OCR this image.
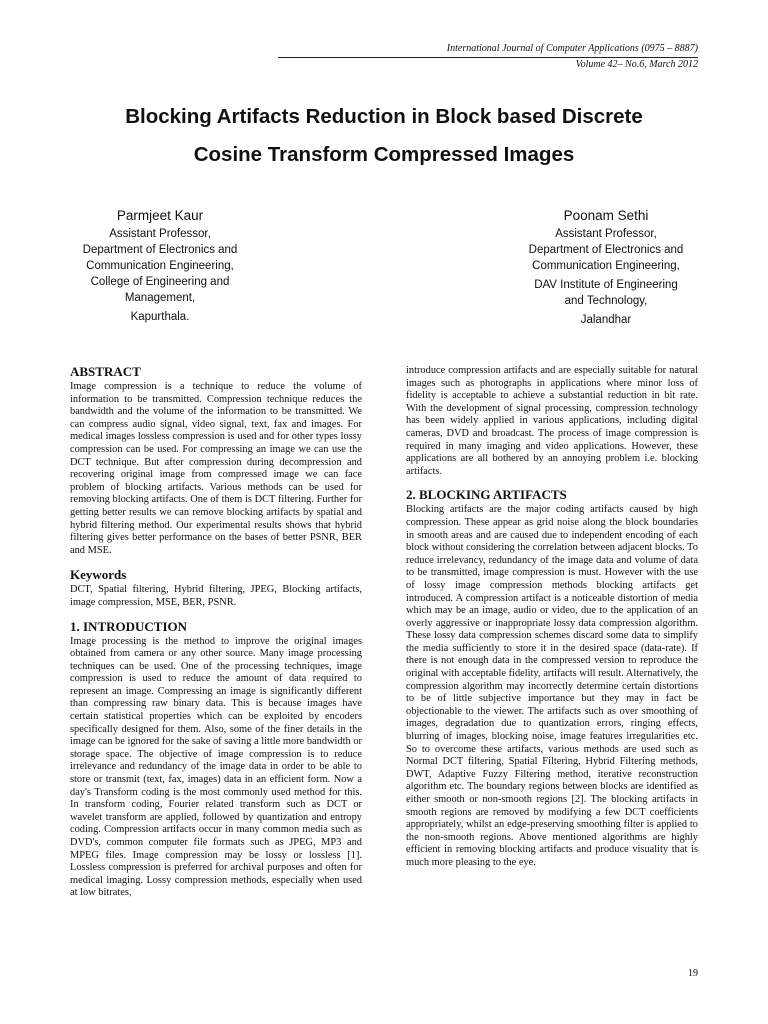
International Journal of Computer Applications (0975 – 8887)
Volume 42– No.6, March 2012
Blocking Artifacts Reduction in Block based Discrete
Cosine Transform Compressed Images
Parmjeet Kaur
Assistant Professor,
Department of Electronics and
Communication Engineering,
College of Engineering and
Management,
Kapurthala.
Poonam Sethi
Assistant Professor,
Department of Electronics and
Communication Engineering,
DAV Institute of Engineering
and Technology,
Jalandhar
ABSTRACT

Image compression is a technique to reduce the volume of information to be transmitted. Compression technique reduces the bandwidth and the volume of the information to be transmitted. We can compress audio signal, video signal, text, fax and images. For medical images lossless compression is used and for other types lossy compression can be used. For compressing an image we can use the DCT technique. But after compression during decompression and recovering original image from compressed image we can face problem of blocking artifacts. Various methods can be used for removing blocking artifacts. One of them is DCT filtering. Further for getting better results we can remove blocking artifacts by spatial and hybrid filtering method. Our experimental results shows that hybrid filtering gives better performance on the bases of better PSNR, BER and MSE.

Keywords

DCT, Spatial filtering, Hybrid filtering, JPEG, Blocking artifacts, image compression, MSE, BER, PSNR.

1. INTRODUCTION

Image processing is the method to improve the original images obtained from camera or any other source. Many image processing techniques can be used. One of the processing techniques, image compression is used to reduce the amount of data required to represent an image. Compressing an image is significantly different than compressing raw binary data. This is because images have certain statistical properties which can be exploited by encoders specifically designed for them. Also, some of the finer details in the image can be ignored for the sake of saving a little more bandwidth or storage space. The objective of image compression is to reduce irrelevance and redundancy of the image data in order to be able to store or transmit (text, fax, images) data in an efficient form. Now a day's Transform coding is the most commonly used method for this. In transform coding, Fourier related transform such as DCT or wavelet transform are applied, followed by quantization and entropy coding. Compression artifacts occur in many common media such as DVD's, common computer file formats such as JPEG, MP3 and MPEG files. Image compression may be lossy or lossless [1]. Lossless compression is preferred for archival purposes and often for medical imaging. Lossy compression methods, especially when used at low bitrates,

introduce compression artifacts and are especially suitable for natural images such as photographs in applications where minor loss of fidelity is acceptable to achieve a substantial reduction in bit rate. With the development of signal processing, compression technology has been widely applied in various applications, including digital cameras, DVD and broadcast. The process of image compression is required in many imaging and video applications. However, these applications are all bothered by an annoying problem i.e. blocking artifacts.

2. BLOCKING ARTIFACTS

Blocking artifacts are the major coding artifacts caused by high compression. These appear as grid noise along the block boundaries in smooth areas and are caused due to independent encoding of each block without considering the correlation between adjacent blocks. To reduce irrelevancy, redundancy of the image data and volume of data to be transmitted, image compression is must. However with the use of lossy image compression methods blocking artifacts get introduced. A compression artifact is a noticeable distortion of media which may be an image, audio or video, due to the application of an overly aggressive or inappropriate lossy data compression algorithm. These lossy data compression schemes discard some data to simplify the media sufficiently to store it in the desired space (data-rate). If there is not enough data in the compressed version to reproduce the original with acceptable fidelity, artifacts will result. Alternatively, the compression algorithm may incorrectly determine certain distortions to be of little subjective importance but they may in fact be objectionable to the viewer. The artifacts such as over smoothing of images, degradation due to quantization errors, ringing effects, blurring of images, blocking noise, image features irregularities etc. So to overcome these artifacts, various methods are used such as Normal DCT filtering, Spatial Filtering, Hybrid Filtering methods, DWT, Adaptive Fuzzy Filtering method, iterative reconstruction algorithm etc. The boundary regions between blocks are identified as either smooth or non-smooth regions [2]. The blocking artifacts in smooth regions are removed by modifying a few DCT coefficients appropriately, whilst an edge-preserving smoothing filter is applied to the non-smooth regions. Above mentioned algorithms are highly efficient in removing blocking artifacts and produce visuality that is much more pleasing to the eye.

19
